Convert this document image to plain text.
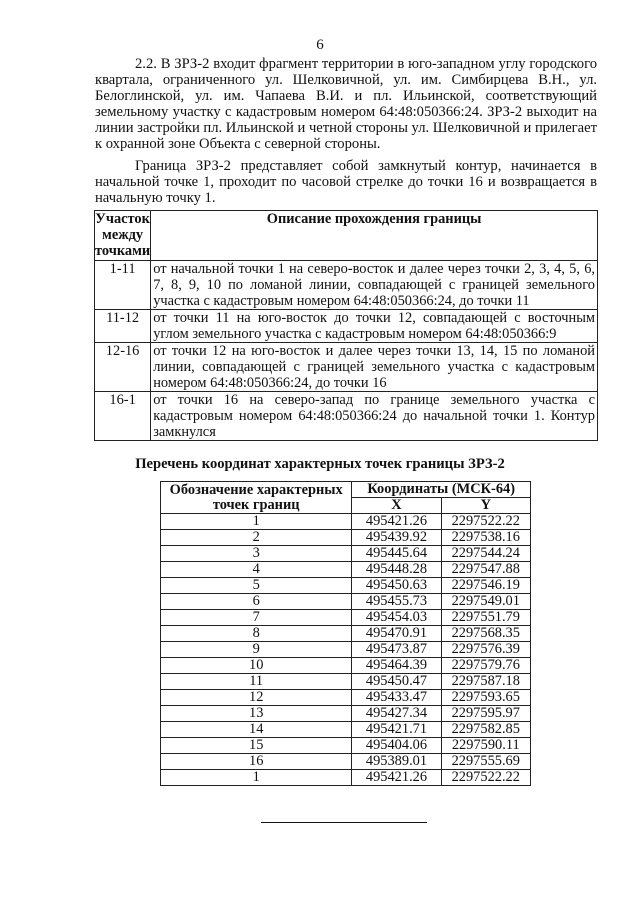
6

2.2. В ЗРЗ-2 входит фрагмент территории в юго-западном углу городского квартала, ограниченного ул. Шелковичной, ул. им. Симбирцева В.Н., ул. Белоглинской, ул. им. Чапаева В.И. и пл. Ильинской, соответствующий земельному участку с кадастровым номером 64:48:050366:24. ЗРЗ-2 выходит на линии застройки пл. Ильинской и четной стороны ул. Шелковичной и прилегает к охранной зоне Объекта с северной стороны.

Граница ЗРЗ-2 представляет собой замкнутый контур, начинается в начальной точке 1, проходит по часовой стрелке до точки 16 и возвращается в начальную точку 1.

Участок между точками	Описание прохождения границы
1-11	от начальной точки 1 на северо-восток и далее через точки 2, 3, 4, 5, 6, 7, 8, 9, 10 по ломаной линии, совпадающей с границей земельного участка с кадастровым номером 64:48:050366:24, до точки 11
11-12	от точки 11 на юго-восток до точки 12, совпадающей с восточным углом земельного участка с кадастровым номером 64:48:050366:9
12-16	от точки 12 на юго-восток и далее через точки 13, 14, 15 по ломаной линии, совпадающей с границей земельного участка с кадастровым номером 64:48:050366:24, до точки 16
16-1	от точки 16 на северо-запад по границе земельного участка с кадастровым номером 64:48:050366:24 до начальной точки 1. Контур замкнулся
Перечень координат характерных точек границы ЗРЗ-2
Обозначение характерных точек границ	Координаты (МСК-64)	
	X	Y
1	495421.26	2297522.22
2	495439.92	2297538.16
3	495445.64	2297544.24
4	495448.28	2297547.88
5	495450.63	2297546.19
6	495455.73	2297549.01
7	495454.03	2297551.79
8	495470.91	2297568.35
9	495473.87	2297576.39
10	495464.39	2297579.76
11	495450.47	2297587.18
12	495433.47	2297593.65
13	495427.34	2297595.97
14	495421.71	2297582.85
15	495404.06	2297590.11
16	495389.01	2297555.69
1	495421.26	2297522.22
